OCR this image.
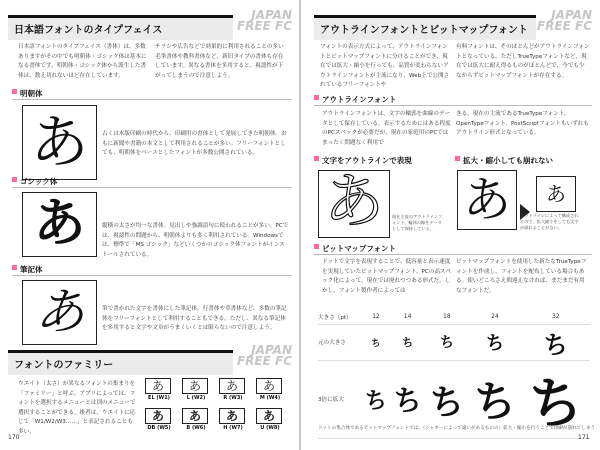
日本語フォントのタイプフェイス
JAPAN
FREE FC
日本語フォントのタイプフェイス（書体）は、多数ありますがその中でも明朝体・ゴシック体は基本になる書体です。明朝体・ゴシック体から派生した書体は、数え切れないほど存在しています。
チラシや広告などで効果的に利用されることの多い毛筆書体や教科書体など、新旧タイプの書体も存在しています。異なる書体を多用すると、視認性が下がってしまうので注意しよう。
明朝体
あ	古くは木版印刷の時代から、印刷用の書体として発展してきた明朝体。おもに新聞や書籍の本文として利用されることが多い。フリーフォントとしても、明朝体をベースとしたフォントが多数公開されている。
ゴシック体
あ	縦横の太さが均一な書体。見出しや強調語句に使われることが多い。PCでは、視認性の問題から、明朝体よりも多く利用されている。Windowsでは、標準で「MS ゴシック」などいくつかのゴシック体フォントがインストールされている。
筆記体
あ	筆で書かれた文字を書体にした筆記体。行書体や草書体など、多数の筆記体をフリーフォントとして利用することもできる。ただし、異なる筆記体を多用すると文字や文章がうまくいくとは限らないので注意しよう。
フォントのファミリー
JAPAN
FREE FC
ウエイト（太さ）が異なるフォントの集まりを「ファミリー」と呼ぶ。アプリによっては、フォントを選択するメニューとは別のメニューで選択することができる。後者は、ウエイトに応じて「W1/W2/W3……」と表記されることも多い。
あ
EL (W1)
あ
L (W2)
あ
R (W3)
あ
M (W4)
あ
DB (W5)
あ
B (W6)
あ
H (W7)
あ
U (W8)
170
アウトラインフォントとビットマップフォント
JAPAN
FREE FC
フォントの表示方式によって、アウトラインフォントとビットマップフォントに分けることができ、現在では拡大・縮小を行っても、品質が変わらないアウトラインフォントが主流になり、Web上で公開されているフリーフォントや
有料フォントは、そのほとんどがアウトラインフォントとなっている。ただしTrueTypeフォントなど、現在では拡大に耐え得るものがほとんどで、今でも少なからずビットマップフォントが存在する。
アウトラインフォント
アウトラインフォントは、文字の輪郭を曲線のデータとして保存している。表示するためにはある程度のPCスペックが必要だが、現在の家庭用のPCではまったく問題なく利用で
きる。現在の主流であるTrueTypeフォント、OpenTypeフォント、PostScriptフォントもいずれもアウトライン形式となっている。
文字をアウトラインで表現	拡大・縮小しても崩れない
あ	現在主流のアウトラインフォント。輪郭の線をデータとして保持している。
あ	あ
アウトラインによって構成されるので、拡大縮小をしても文字が崩れることがない。
ビットマップフォント
ドットで文字を表現することで、低容量と表示速度を実現していたビットマップフォント。PCの高スペック化によって、現在では廃れつつある形式だ。しかし、フォント製作者によっては
ビットマップフォントを使用した新たなTrueTypeフォントを作成し、フォントを配布している場合もある。使いどころさえ間違えなければ、まだまだ有用なフォントだ。
大きさ（pt）	12	14	18	24	32
元の大きさ	ち	ち	ち	ち	ち
3倍に拡大	ち	ち	ち	ち	ち
ドットの集合体であるビットマップフォントでは、（ジャギーによって違いがあるものの）拡大・縮小を行うことで印刷が崩れてしまう
171
